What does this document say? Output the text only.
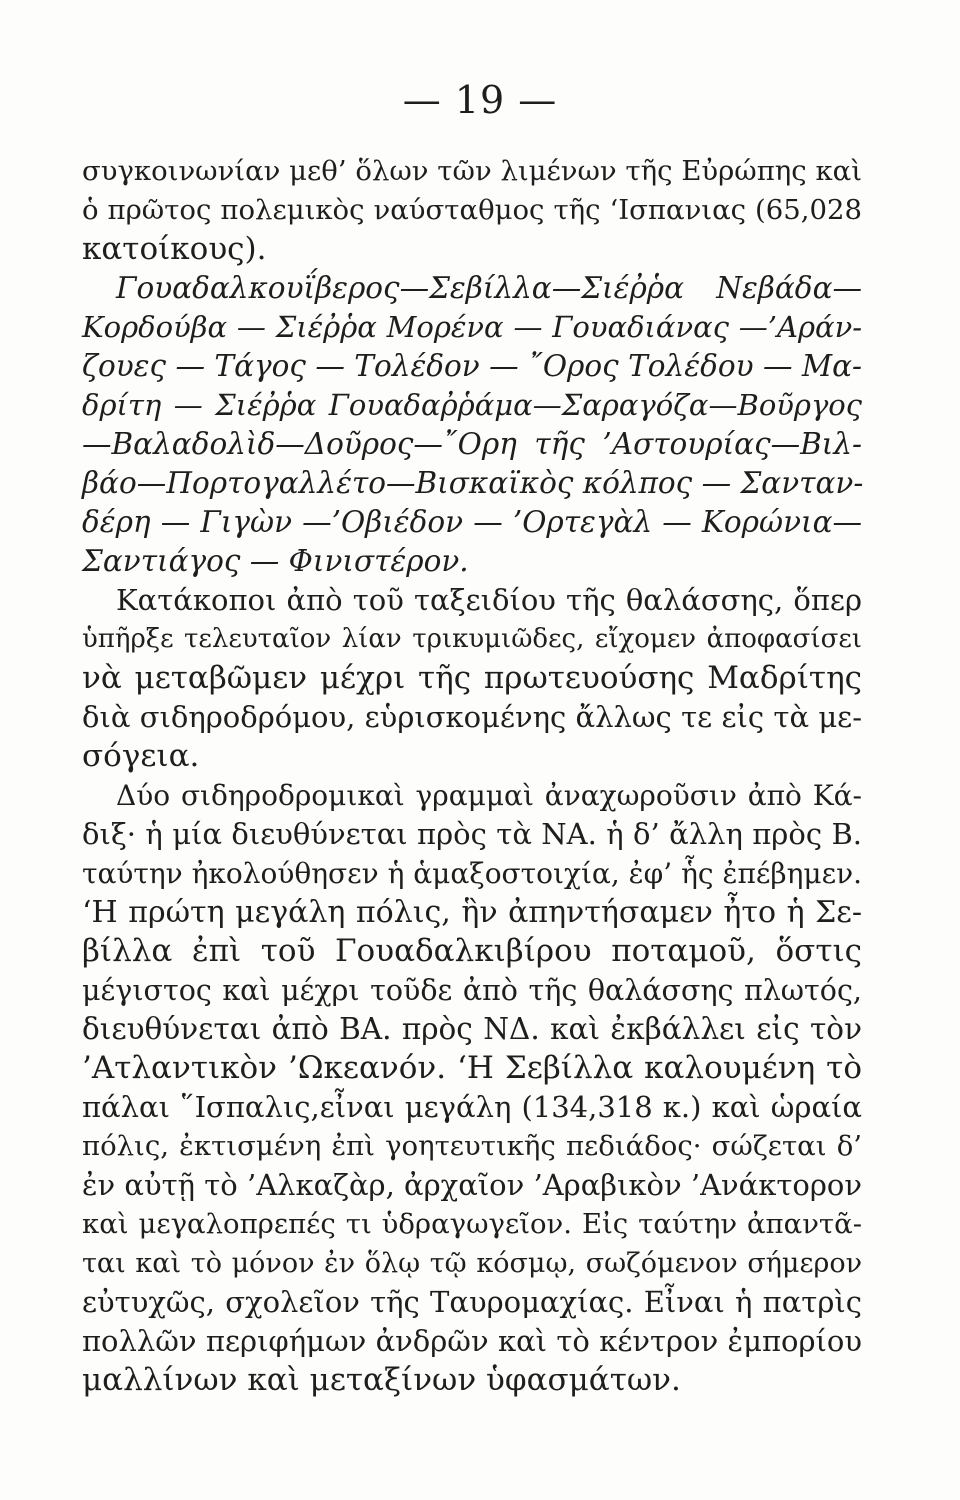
— 19 —
συγκοινωνίαν μεθ’ ὅλων τῶν λιμένων τῆς Εὐρώπης καὶ
ὁ πρῶτος πολεμικὸς ναύσταθμος τῆς ‘Ισπανιας (65,028
κατοίκους).
Γουαδαλκουΐβερος—Σεβίλλα—Σιέῤῥα Νεβάδα—
Κορδούβα — Σιέῤῥα Μορένα — Γουαδιάνας —’Αράν-
ζουες — Τάγος — Τολέδον — ῎Ορος Τολέδου — Μα-
δρίτη — Σιέῤῥα Γουαδαῤῥάμα—Σαραγόζα—Βοῦργος
—Βαλαδολὶδ—Δοῦρος—῎Ορη τῆς ’Αστουρίας—Βιλ-
βάο—Πορτογαλλέτο—Βισκαϊκὸς κόλπος — Σανταν-
δέρη — Γιγὼν —’Οβιέδον — ’Ορτεγὰλ — Κορώνια—
Σαντιάγος — Φινιστέρον.
Κατάκοποι ἀπὸ τοῦ ταξειδίου τῆς θαλάσσης, ὅπερ
ὑπῆρξε τελευταῖον λίαν τρικυμιῶδες, εἴχομεν ἀποφασίσει
νὰ μεταβῶμεν μέχρι τῆς πρωτευούσης Μαδρίτης
διὰ σιδηροδρόμου, εὑρισκομένης ἄλλως τε εἰς τὰ με-
σόγεια.
Δύο σιδηροδρομικαὶ γραμμαὶ ἀναχωροῦσιν ἀπὸ Κά-
διξ· ἡ μία διευθύνεται πρὸς τὰ ΝΑ. ἡ δ’ ἄλλη πρὸς Β.
ταύτην ἠκολούθησεν ἡ ἁμαξοστοιχία, ἐφ’ ἧς ἐπέβημεν.
‘Η πρώτη μεγάλη πόλις, ἣν ἀπηντήσαμεν ἦτο ἡ Σε-
βίλλα ἐπὶ τοῦ Γουαδαλκιβίρου ποταμοῦ, ὅστις
μέγιστος καὶ μέχρι τοῦδε ἀπὸ τῆς θαλάσσης πλωτός,
διευθύνεται ἀπὸ ΒΑ. πρὸς ΝΔ. καὶ ἐκβάλλει εἰς τὸν
’Ατλαντικὸν ’Ωκεανόν. ‘Η Σεβίλλα καλουμένη τὸ
πάλαι ῞Ισπαλις,εἶναι μεγάλη (134,318 κ.) καὶ ὡραία
πόλις, ἐκτισμένη ἐπὶ γοητευτικῆς πεδιάδος· σώζεται δ’
ἐν αὐτῇ τὸ ’Αλκαζὰρ, ἀρχαῖον ’Αραβικὸν ’Ανάκτορον
καὶ μεγαλοπρεπές τι ὑδραγωγεῖον. Εἰς ταύτην ἀπαντᾶ-
ται καὶ τὸ μόνον ἐν ὅλῳ τῷ κόσμῳ, σωζόμενον σήμερον
εὐτυχῶς, σχολεῖον τῆς Ταυρομαχίας. Εἶναι ἡ πατρὶς
πολλῶν περιφήμων ἀνδρῶν καὶ τὸ κέντρον ἐμπορίου
μαλλίνων καὶ μεταξίνων ὑφασμάτων.
